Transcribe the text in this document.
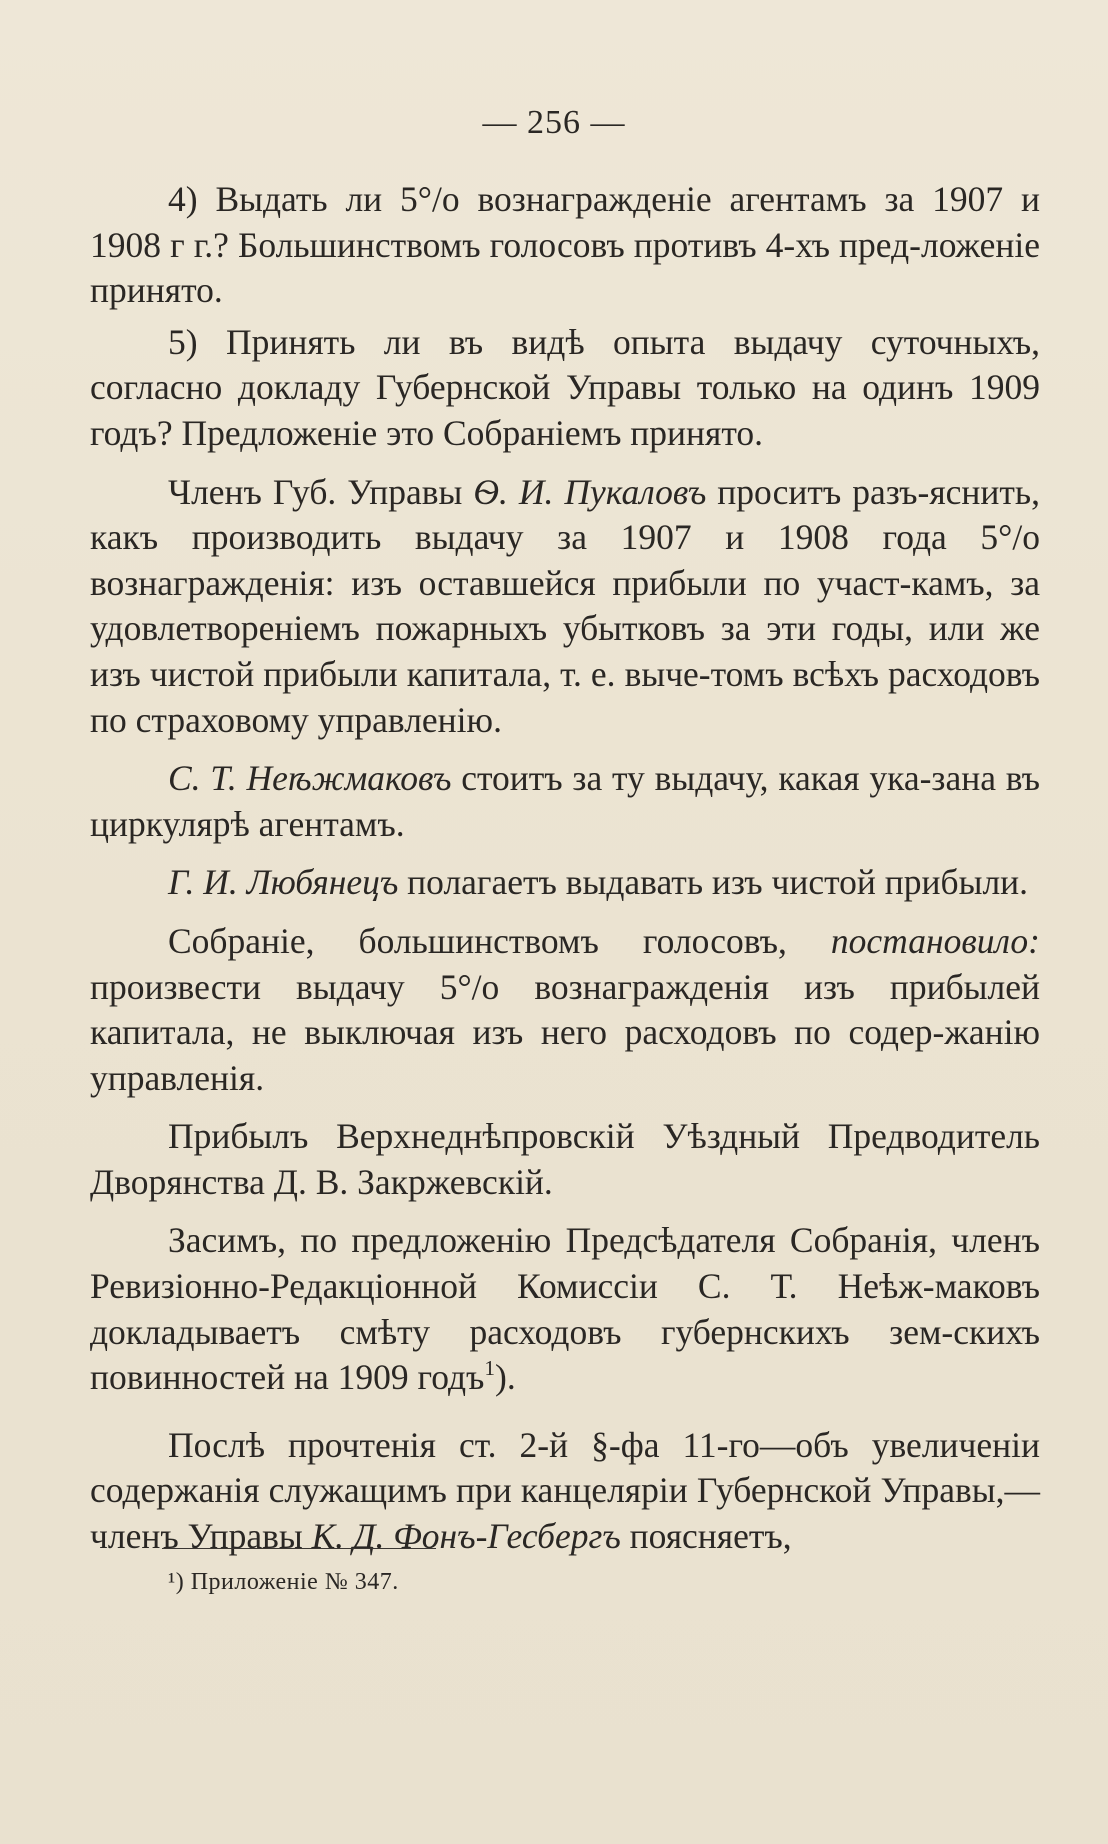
— 256 —

4) Выдать ли 5°/o вознагражденіе агентамъ за 1907 и 1908 г г.? Большинствомъ голосовъ противъ 4-хъ пред-ложеніе принято.

5) Принять ли въ видѣ опыта выдачу суточныхъ, согласно докладу Губернской Управы только на одинъ 1909 годъ? Предложеніе это Собраніемъ принято.

Членъ Губ. Управы Ѳ. И. Пукаловъ проситъ разъ-яснить, какъ производить выдачу за 1907 и 1908 года 5°/o вознагражденія: изъ оставшейся прибыли по участ-камъ, за удовлетвореніемъ пожарныхъ убытковъ за эти годы, или же изъ чистой прибыли капитала, т. е. выче-томъ всѣхъ расходовъ по страховому управленію.

С. Т. Неѣжмаковъ стоитъ за ту выдачу, какая ука-зана въ циркулярѣ агентамъ.

Г. И. Любянецъ полагаетъ выдавать изъ чистой прибыли.

Собраніе, большинствомъ голосовъ, постановило: произвести выдачу 5°/o вознагражденія изъ прибылей капитала, не выключая изъ него расходовъ по содер-жанію управленія.

Прибылъ Верхнеднѣпровскій Уѣздный Предводитель Дворянства Д. В. Закржевскій.

Засимъ, по предложенію Предсѣдателя Собранія, членъ Ревизіонно-Редакціонной Комиссіи С. Т. Неѣж-маковъ докладываетъ смѣту расходовъ губернскихъ зем-скихъ повинностей на 1909 годъ$^1$).

Послѣ прочтенія ст. 2-й §-фа 11-го—объ увеличеніи содержанія служащимъ при канцеляріи Губернской Управы,—членъ Управы К. Д. Фонъ-Гесбергъ поясняетъ,

¹) Приложеніе № 347.
